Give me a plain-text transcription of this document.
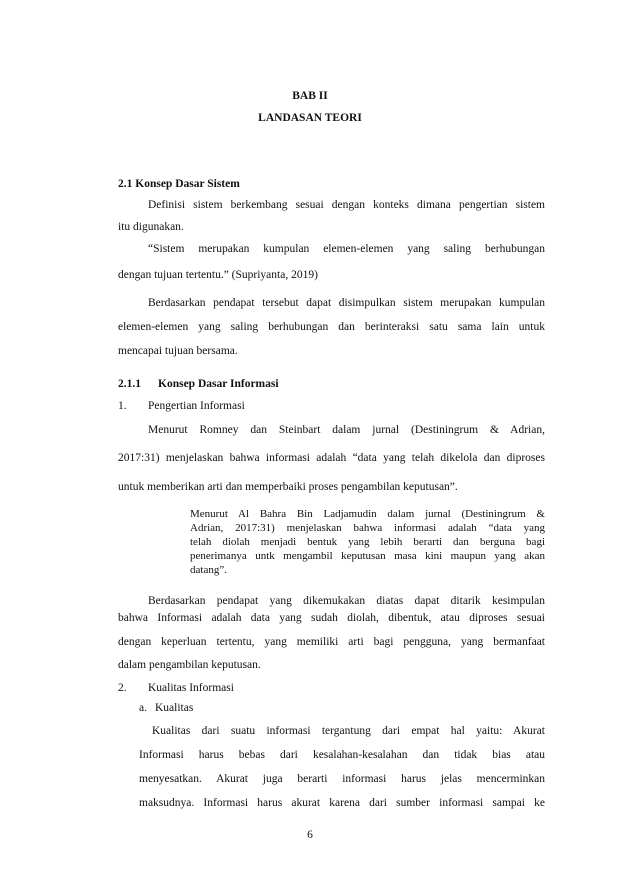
BAB II
LANDASAN TEORI
2.1 Konsep Dasar Sistem
Definisi sistem berkembang sesuai dengan konteks dimana pengertian sistem
itu digunakan.
“Sistem merupakan kumpulan elemen-elemen yang saling berhubungan
dengan tujuan tertentu.” (Supriyanta, 2019)
Berdasarkan pendapat tersebut dapat disimpulkan sistem merupakan kumpulan
elemen-elemen yang saling berhubungan dan berinteraksi satu sama lain untuk
mencapai tujuan bersama.
2.1.1 Konsep Dasar Informasi
1. Pengertian Informasi
Menurut Romney dan Steinbart dalam jurnal (Destiningrum & Adrian,
2017:31) menjelaskan bahwa informasi adalah “data yang telah dikelola dan diproses
untuk memberikan arti dan memperbaiki proses pengambilan keputusan”.
Menurut Al Bahra Bin Ladjamudin dalam jurnal (Destiningrum &
Adrian, 2017:31) menjelaskan bahwa informasi adalah “data yang
telah diolah menjadi bentuk yang lebih berarti dan berguna bagi
penerimanya untk mengambil keputusan masa kini maupun yang akan
datang”.
Berdasarkan pendapat yang dikemukakan diatas dapat ditarik kesimpulan
bahwa Informasi adalah data yang sudah diolah, dibentuk, atau diproses sesuai
dengan keperluan tertentu, yang memiliki arti bagi pengguna, yang bermanfaat
dalam pengambilan keputusan.
2. Kualitas Informasi
a. Kualitas
Kualitas dari suatu informasi tergantung dari empat hal yaitu: Akurat
Informasi harus bebas dari kesalahan-kesalahan dan tidak bias atau
menyesatkan. Akurat juga berarti informasi harus jelas mencerminkan
maksudnya. Informasi harus akurat karena dari sumber informasi sampai ke
6
